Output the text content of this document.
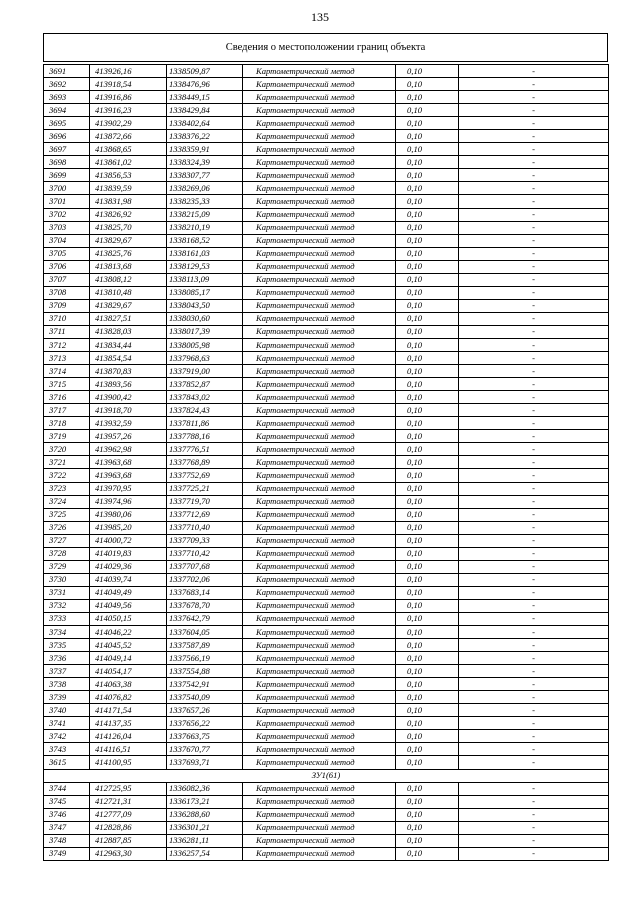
135
Сведения о местоположении границ объекта
3691	413926,16	1338509,87	Картометрический метод	0,10	-
3692	413918,54	1338476,96	Картометрический метод	0,10	-
3693	413916,86	1338449,15	Картометрический метод	0,10	-
3694	413916,23	1338429,84	Картометрический метод	0,10	-
3695	413902,29	1338402,64	Картометрический метод	0,10	-
3696	413872,66	1338376,22	Картометрический метод	0,10	-
3697	413868,65	1338359,91	Картометрический метод	0,10	-
3698	413861,02	1338324,39	Картометрический метод	0,10	-
3699	413856,53	1338307,77	Картометрический метод	0,10	-
3700	413839,59	1338269,06	Картометрический метод	0,10	-
3701	413831,98	1338235,33	Картометрический метод	0,10	-
3702	413826,92	1338215,09	Картометрический метод	0,10	-
3703	413825,70	1338210,19	Картометрический метод	0,10	-
3704	413829,67	1338168,52	Картометрический метод	0,10	-
3705	413825,76	1338161,03	Картометрический метод	0,10	-
3706	413813,68	1338129,53	Картометрический метод	0,10	-
3707	413808,12	1338113,09	Картометрический метод	0,10	-
3708	413810,48	1338085,17	Картометрический метод	0,10	-
3709	413829,67	1338043,50	Картометрический метод	0,10	-
3710	413827,51	1338030,60	Картометрический метод	0,10	-
3711	413828,03	1338017,39	Картометрический метод	0,10	-
3712	413834,44	1338005,98	Картометрический метод	0,10	-
3713	413854,54	1337968,63	Картометрический метод	0,10	-
3714	413870,83	1337919,00	Картометрический метод	0,10	-
3715	413893,56	1337852,87	Картометрический метод	0,10	-
3716	413900,42	1337843,02	Картометрический метод	0,10	-
3717	413918,70	1337824,43	Картометрический метод	0,10	-
3718	413932,59	1337811,86	Картометрический метод	0,10	-
3719	413957,26	1337788,16	Картометрический метод	0,10	-
3720	413962,98	1337776,51	Картометрический метод	0,10	-
3721	413963,68	1337768,89	Картометрический метод	0,10	-
3722	413963,68	1337752,69	Картометрический метод	0,10	-
3723	413970,95	1337725,21	Картометрический метод	0,10	-
3724	413974,96	1337719,70	Картометрический метод	0,10	-
3725	413980,06	1337712,69	Картометрический метод	0,10	-
3726	413985,20	1337710,40	Картометрический метод	0,10	-
3727	414000,72	1337709,33	Картометрический метод	0,10	-
3728	414019,83	1337710,42	Картометрический метод	0,10	-
3729	414029,36	1337707,68	Картометрический метод	0,10	-
3730	414039,74	1337702,06	Картометрический метод	0,10	-
3731	414049,49	1337683,14	Картометрический метод	0,10	-
3732	414049,56	1337678,70	Картометрический метод	0,10	-
3733	414050,15	1337642,79	Картометрический метод	0,10	-
3734	414046,22	1337604,05	Картометрический метод	0,10	-
3735	414045,52	1337587,89	Картометрический метод	0,10	-
3736	414049,14	1337566,19	Картометрический метод	0,10	-
3737	414054,17	1337554,88	Картометрический метод	0,10	-
3738	414063,38	1337542,91	Картометрический метод	0,10	-
3739	414076,82	1337540,09	Картометрический метод	0,10	-
3740	414171,54	1337657,26	Картометрический метод	0,10	-
3741	414137,35	1337656,22	Картометрический метод	0,10	-
3742	414126,04	1337663,75	Картометрический метод	0,10	-
3743	414116,51	1337670,77	Картометрический метод	0,10	-
3615	414100,95	1337693,71	Картометрический метод	0,10	-
ЗУ1(61)					
3744	412725,95	1336082,36	Картометрический метод	0,10	-
3745	412721,31	1336173,21	Картометрический метод	0,10	-
3746	412777,09	1336288,60	Картометрический метод	0,10	-
3747	412828,86	1336301,21	Картометрический метод	0,10	-
3748	412887,85	1336281,11	Картометрический метод	0,10	-
3749	412963,30	1336257,54	Картометрический метод	0,10	-
